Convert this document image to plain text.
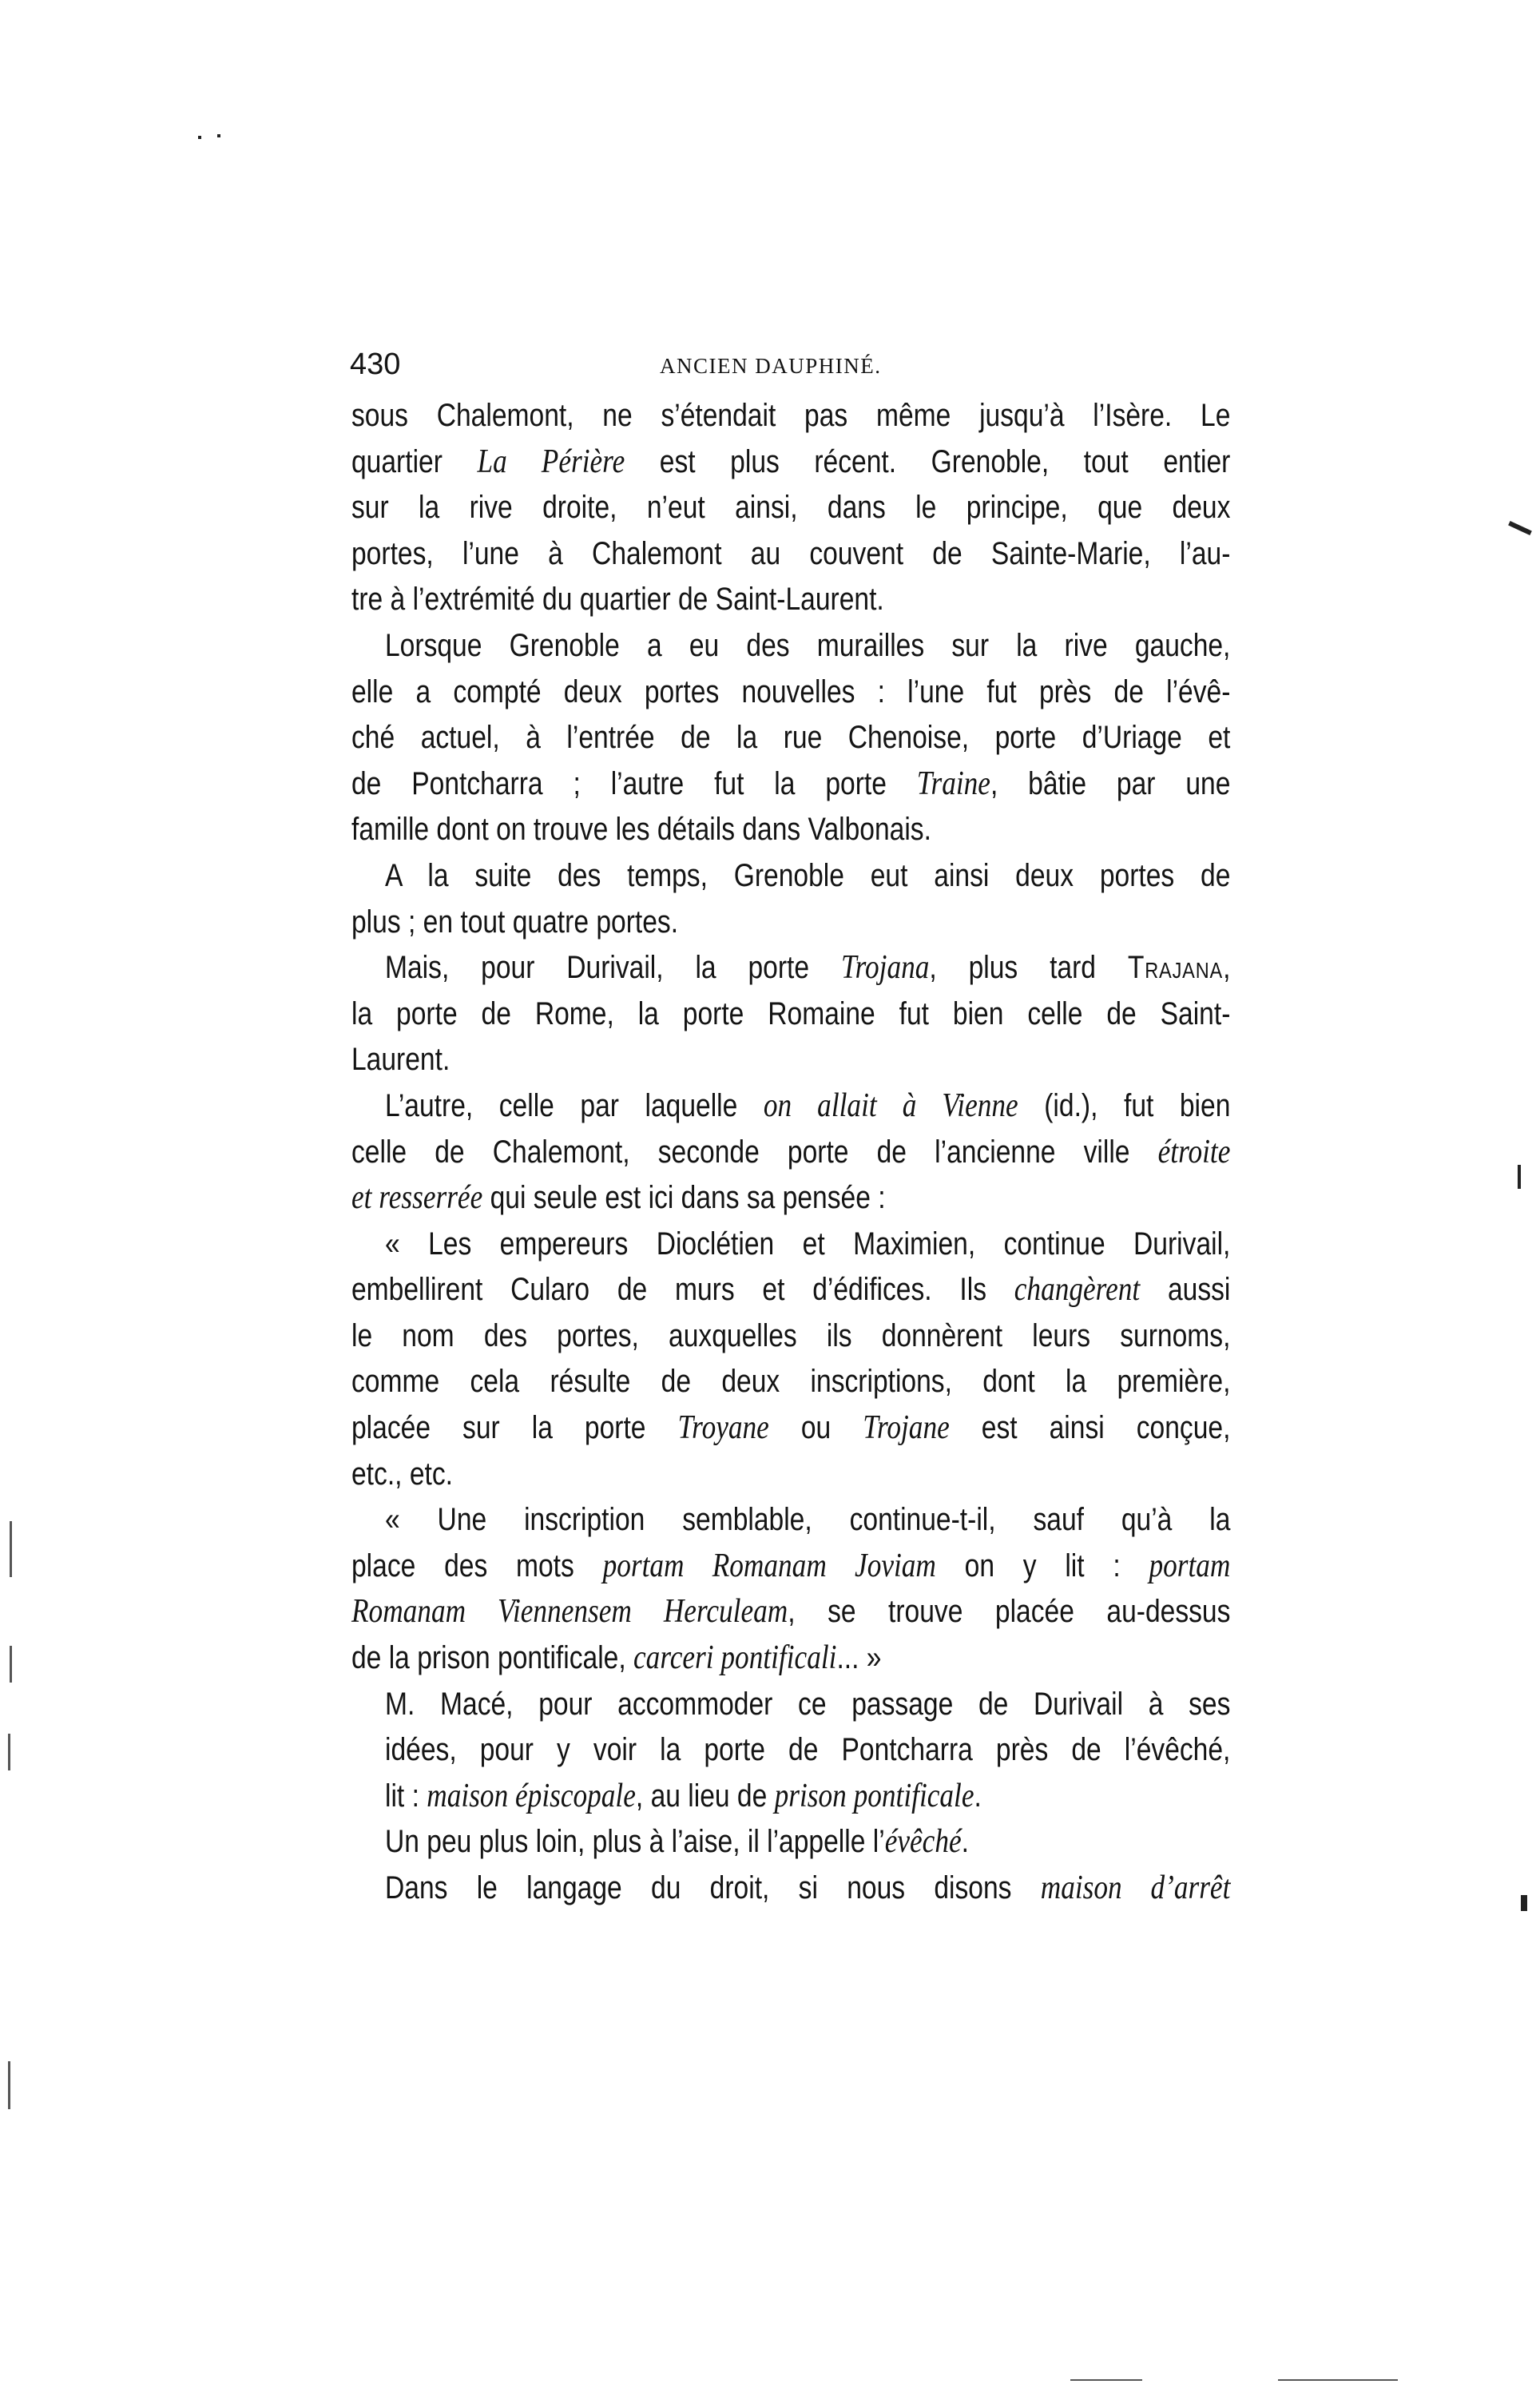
430	ANCIEN DAUPHINÉ.
sous Chalemont, ne s’étendait pas même jusqu’à l’Isère. Le
quartier La Périère est plus récent. Grenoble, tout entier
sur la rive droite, n’eut ainsi, dans le principe, que deux
portes, l’une à Chalemont au couvent de Sainte-Marie, l’au-
tre à l’extrémité du quartier de Saint-Laurent.
Lorsque Grenoble a eu des murailles sur la rive gauche,
elle a compté deux portes nouvelles : l’une fut près de l’évê-
ché actuel, à l’entrée de la rue Chenoise, porte d’Uriage et
de Pontcharra ; l’autre fut la porte Traine, bâtie par une
famille dont on trouve les détails dans Valbonais.
A la suite des temps, Grenoble eut ainsi deux portes de
plus ; en tout quatre portes.
Mais, pour Durivail, la porte Trojana, plus tard Trajana,
la porte de Rome, la porte Romaine fut bien celle de Saint-
Laurent.
L’autre, celle par laquelle on allait à Vienne (id.), fut bien
celle de Chalemont, seconde porte de l’ancienne ville étroite
et resserrée qui seule est ici dans sa pensée :
« Les empereurs Dioclétien et Maximien, continue Durivail,
embellirent Cularo de murs et d’édifices. Ils changèrent aussi
le nom des portes, auxquelles ils donnèrent leurs surnoms,
comme cela résulte de deux inscriptions, dont la première,
placée sur la porte Troyane ou Trojane est ainsi conçue,
etc., etc.
« Une inscription semblable, continue-t-il, sauf qu’à la
place des mots portam Romanam Joviam on y lit : portam
Romanam Viennensem Herculeam, se trouve placée au-dessus
de la prison pontificale, carceri pontificali... »
M. Macé, pour accommoder ce passage de Durivail à ses
idées, pour y voir la porte de Pontcharra près de l’évêché,
lit : maison épiscopale, au lieu de prison pontificale.
Un peu plus loin, plus à l’aise, il l’appelle l’évêché.
Dans le langage du droit, si nous disons maison d’arrêt
